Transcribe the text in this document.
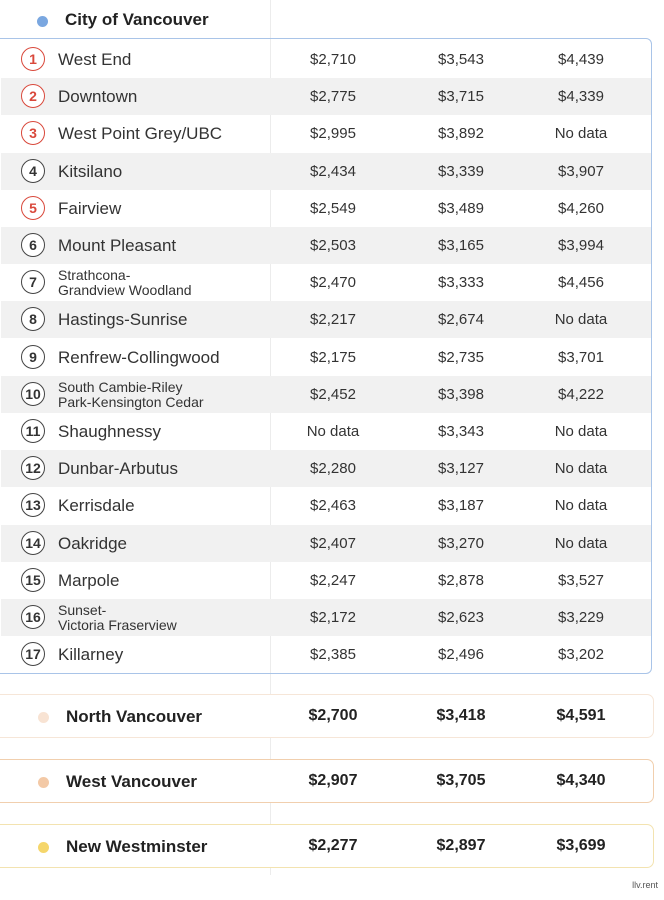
City of Vancouver
1	West End	$2,710	$3,543	$4,439
2	Downtown	$2,775	$3,715	$4,339
3	West Point Grey/UBC	$2,995	$3,892	No data
4	Kitsilano	$2,434	$3,339	$3,907
5	Fairview	$2,549	$3,489	$4,260
6	Mount Pleasant	$2,503	$3,165	$3,994
7	Strathcona-
Grandview Woodland	$2,470	$3,333	$4,456
8	Hastings-Sunrise	$2,217	$2,674	No data
9	Renfrew-Collingwood	$2,175	$2,735	$3,701
10	South Cambie-Riley
Park-Kensington Cedar	$2,452	$3,398	$4,222
11 Shaughnessy	No data	$3,343	No data
12 Dunbar-Arbutus	$2,280	$3,127	No data
13 Kerrisdale	$2,463	$3,187	No data
14 Oakridge	$2,407	$3,270	No data
15 Marpole	$2,247	$2,878	$3,527
16	Sunset-
Victoria Fraserview	$2,172	$2,623	$3,229
17 Killarney	$2,385	$2,496	$3,202
North Vancouver	$2,700	$3,418	$4,591
West Vancouver	$2,907	$3,705	$4,340
New Westminster	$2,277	$2,897	$3,699
llv.rent
